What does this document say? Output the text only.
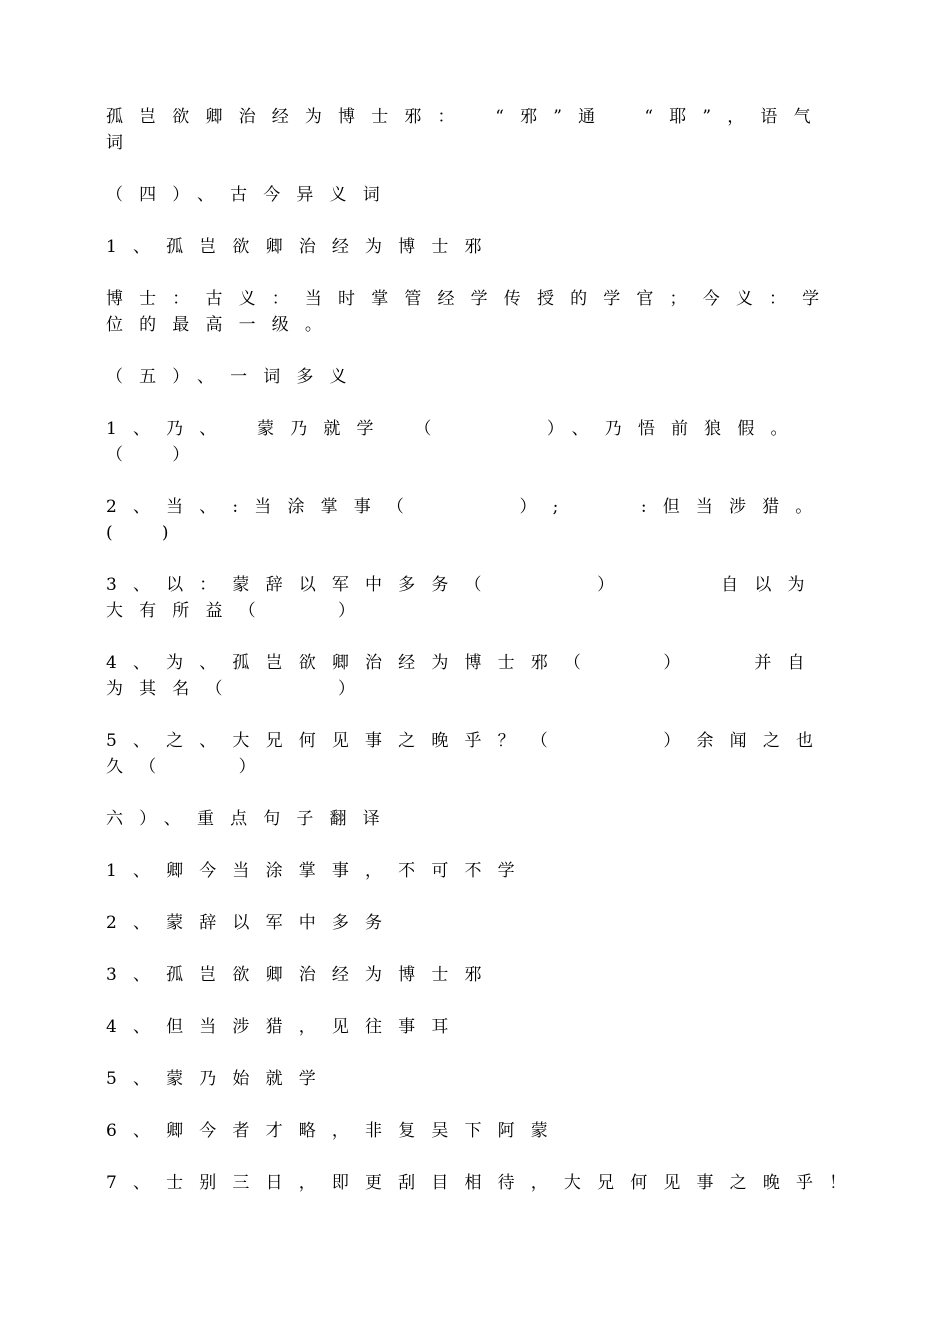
孤岂欲卿治经为博士邪：　“邪”通　“耶”，语气词
（四）、古今异义词
1、孤岂欲卿治经为博士邪
博士：古义：当时掌管经学传授的学官；今义：学位的最高一级。
（五）、一词多义
1、乃、　蒙乃就学　（　　　）、乃悟前狼假。（　）
2、当、:当涂掌事（　　　）;　　:但当涉猎。(　)
3、以：蒙辞以军中多务（　　　）　　　自以为大有所益（　　）
4、为、孤岂欲卿治经为博士邪（　　）　　并自为其名（　　　）
5、之、大兄何见事之晚乎？（　　　）余闻之也久（　　）
六）、重点句子翻译
1、卿今当涂掌事，不可不学
2、蒙辞以军中多务
3、孤岂欲卿治经为博士邪
4、但当涉猎，见往事耳
5、蒙乃始就学
6、卿今者才略，非复吴下阿蒙
7、士别三日，即更刮目相待，大兄何见事之晚乎！
